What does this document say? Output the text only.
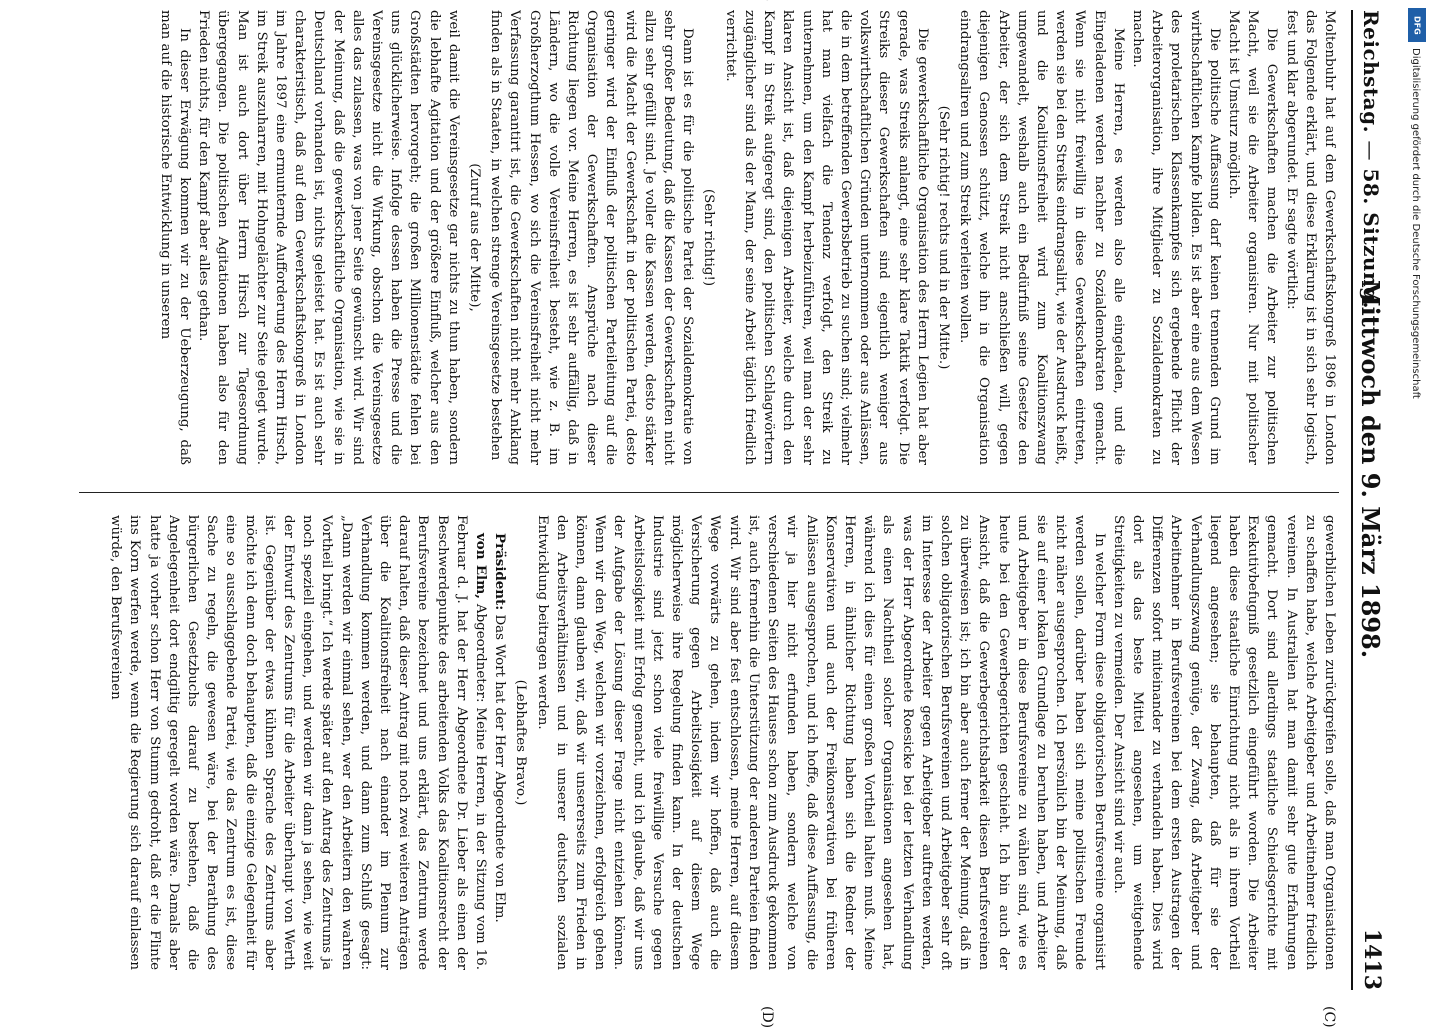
Reichstag. — 58. Sitzung.
Mittwoch den 9. März 1898.
1413
(C)
(D)

Moltenbuhr hat auf dem Gewerkschaftskongreß 1896 in London das Folgende erklärt, und diese Erklärung ist in sich sehr logisch, fest und klar abgerundet. Er sagte wörtlich:

Die Gewerkschaften machen die Arbeiter zur politischen Macht, weil sie die Arbeiter organisiren. Nur mit politischer Macht ist Umsturz möglich.

Die politische Auffassung darf keinen trennenden Grund im wirthschaftlichen Kampfe bilden. Es ist aber eine aus dem Wesen des proletarischen Klassenkampfes sich ergebende Pflicht der Arbeiterorganisation, ihre Mitglieder zu Sozialdemokraten zu machen.

Meine Herren, es werden also alle eingeladen, und die Eingeladenen werden nachher zu Sozialdemokraten gemacht. Wenn sie nicht freiwillig in diese Gewerkschaften eintreten, werden sie bei den Streiks eindrangsalirt, wie der Ausdruck heißt, und die Koalitionsfreiheit wird zum Koalitionszwang umgewandelt, weshalb auch ein Bedürfniß seine Gesetze den Arbeiter, der sich dem Streik nicht anschließen will, gegen diejenigen Genossen schützt, welche ihn in die Organisation eindrangsaliren und zum Streik verleiten wollen.

(Sehr richtig! rechts und in der Mitte.)

Die gewerkschaftliche Organisation des Herrn Legien hat aber gerade, was Streiks anlangt, eine sehr klare Taktik verfolgt. Die Streiks dieser Gewerkschaften sind eigentlich weniger aus volkswirthschaftlichen Gründen unternommen oder aus Anlässen, die in dem betreffenden Gewerbsbetrieb zu suchen sind; vielmehr hat man vielfach die Tendenz verfolgt, den Streik zu unternehmen, um den Kampf herbeizuführen, weil man der sehr klaren Ansicht ist, daß diejenigen Arbeiter, welche durch den Kampf in Streik aufgeregt sind, den politischen Schlagwörtern zugänglicher sind als der Mann, der seine Arbeit täglich friedlich verrichtet.

(Sehr richtig!)

Dann ist es für die politische Partei der Sozialdemokratie von sehr großer Bedeutung, daß die Kassen der Gewerkschaften nicht allzu sehr gefüllt sind. Je voller die Kassen werden, desto stärker wird die Macht der Gewerkschaft in der politischen Partei, desto geringer wird der Einfluß der politischen Parteileitung auf die Organisation der Gewerkschaften. Ansprüche nach dieser Richtung liegen vor. Meine Herren, es ist sehr auffällig, daß in Ländern, wo die volle Vereinsfreiheit besteht, wie z. B. im Großherzogthum Hessen, wo sich die Vereinsfreiheit nicht mehr Verfassung garantirt ist, die Gewerkschaften nicht mehr Anklang finden als in Staaten, in welchen strenge Vereinsgesetze bestehen

(Zuruf aus der Mitte),

weil damit die Vereinsgesetze gar nichts zu thun haben, sondern die lebhafte Agitation und der größere Einfluß, welcher aus den Großstädten hervorgeht; die großen Millionenstädte fehlen bei uns glücklicherweise. Infolge dessen haben die Presse und die Vereinsgesetze nicht die Wirkung, obschon die Vereinsgesetze alles das zulassen, was von jener Seite gewünscht wird. Wir sind der Meinung, daß die gewerkschaftliche Organisation, wie sie in Deutschland vorhanden ist, nichts geleistet hat. Es ist auch sehr charakteristisch, daß auf dem Gewerkschaftskongreß in London im Jahre 1897 eine ermunternde Aufforderung des Herrn Hirsch, im Streik auszuharren, mit Hohngelächter zur Seite gelegt wurde. Man ist auch dort über Herrn Hirsch zur Tagesordnung übergegangen. Die politischen Agitationen haben also für den Frieden nichts, für den Kampf aber alles gethan.

In dieser Erwägung kommen wir zu der Ueberzeugung, daß man auf die historische Entwicklung in unserem

gewerblichen Leben zurückgreifen solle, daß man Organisationen zu schaffen habe, welche Arbeitgeber und Arbeitnehmer friedlich vereinen. In Australien hat man damit sehr gute Erfahrungen gemacht. Dort sind allerdings staatliche Schiedsgerichte mit Exekutivbefugniß gesetzlich eingeführt worden. Die Arbeiter haben diese staatliche Einrichtung nicht als in ihrem Vortheil liegend angesehen; sie behaupten, daß für sie der Verhandlungszwang genüge, der Zwang, daß Arbeitgeber und Arbeitnehmer in Berufsvereinen bei dem ersten Austragen der Differenzen sofort miteinander zu verhandeln haben. Dies wird dort als das beste Mittel angesehen, um weitgehende Streitigkeiten zu vermeiden. Der Ansicht sind wir auch.

In welcher Form diese obligatorischen Berufsvereine organisirt werden sollen, darüber haben sich meine politischen Freunde nicht näher ausgesprochen. Ich persönlich bin der Meinung, daß sie auf einer lokalen Grundlage zu beruhen haben, und Arbeiter und Arbeitgeber in diese Berufsvereine zu wählen sind, wie es heute bei den Gewerbegerichten geschieht. Ich bin auch der Ansicht, daß die Gewerbegerichtsbarkeit diesen Berufsvereinen zu überweisen ist; ich bin aber auch ferner der Meinung, daß in solchen obligatorischen Berufsvereinen und Arbeitgeber sehr oft im Interesse der Arbeiter gegen Arbeitgeber auftreten werden, was der Herr Abgeordnete Roesicke bei der letzten Verhandlung als einen Nachtheil solcher Organisationen angesehen hat, während ich dies für einen großen Vortheil halten muß. Meine Herren, in ähnlicher Richtung haben sich die Redner der Konservativen und auch der Freikonservativen bei früheren Anlässen ausgesprochen, und ich hoffe, daß diese Auffassung, die wir ja hier nicht erfunden haben, sondern welche von verschiedenen Seiten des Hauses schon zum Ausdruck gekommen ist, auch fernerhin die Unterstützung der anderen Parteien finden wird. Wir sind aber fest entschlossen, meine Herren, auf diesem Wege vorwärts zu gehen, indem wir hoffen, daß auch die Versicherung gegen Arbeitslosigkeit auf diesem Wege möglicherweise ihre Regelung finden kann. In der deutschen Industrie sind jetzt schon viele freiwillige Versuche gegen Arbeitslosigkeit mit Erfolg gemacht, und ich glaube, daß wir uns der Aufgabe der Lösung dieser Frage nicht entziehen können. Wenn wir den Weg, welchen wir vorzeichnen, erfolgreich gehen können, dann glauben wir, daß wir unsererseits zum Frieden in den Arbeitsverhältnissen und in unserer deutschen sozialen Entwicklung beitragen werden.

(Lebhaftes Bravo.)

Präsident: Das Wort hat der Herr Abgeordnete von Elm.

von Elm, Abgeordneter: Meine Herren, in der Sitzung vom 16. Februar d. J. hat der Herr Abgeordnete Dr. Lieber als einen der Beschwerdepunkte des arbeitenden Volks das Koalitionsrecht der Berufsvereine bezeichnet und uns erklärt, das Zentrum werde darauf halten, daß dieser Antrag mit noch zwei weiteren Anträgen über die Koalitionsfreiheit nach einander im Plenum zur Verhandlung kommen werden, und dann zum Schluß gesagt: „Dann werden wir einmal sehen, wer den Arbeitern den wahren Vortheil bringt.“ Ich werde später auf den Antrag des Zentrums ja noch speziell eingehen, und werden wir dann ja sehen, wie weit der Entwurf des Zentrums für die Arbeiter überhaupt von Werth ist. Gegenüber der etwas kühnen Sprache des Zentrums aber möchte ich denn doch behaupten, daß die einzige Gelegenheit für eine so ausschlaggebende Partei, wie das Zentrum es ist, diese Sache zu regeln, die gewesen wäre, bei der Berathung des bürgerlichen Gesetzbuchs darauf zu bestehen, daß die Angelegenheit dort endgiltig geregelt worden wäre. Damals aber hatte ja vorher schon Herr von Stumm gedroht, daß er die Flinte ins Korn werfen werde, wenn die Regierung sich darauf einlassen würde, den Berufsvereinen

DFG
Digitalisierung gefördert durch die Deutsche Forschungsgemeinschaft
